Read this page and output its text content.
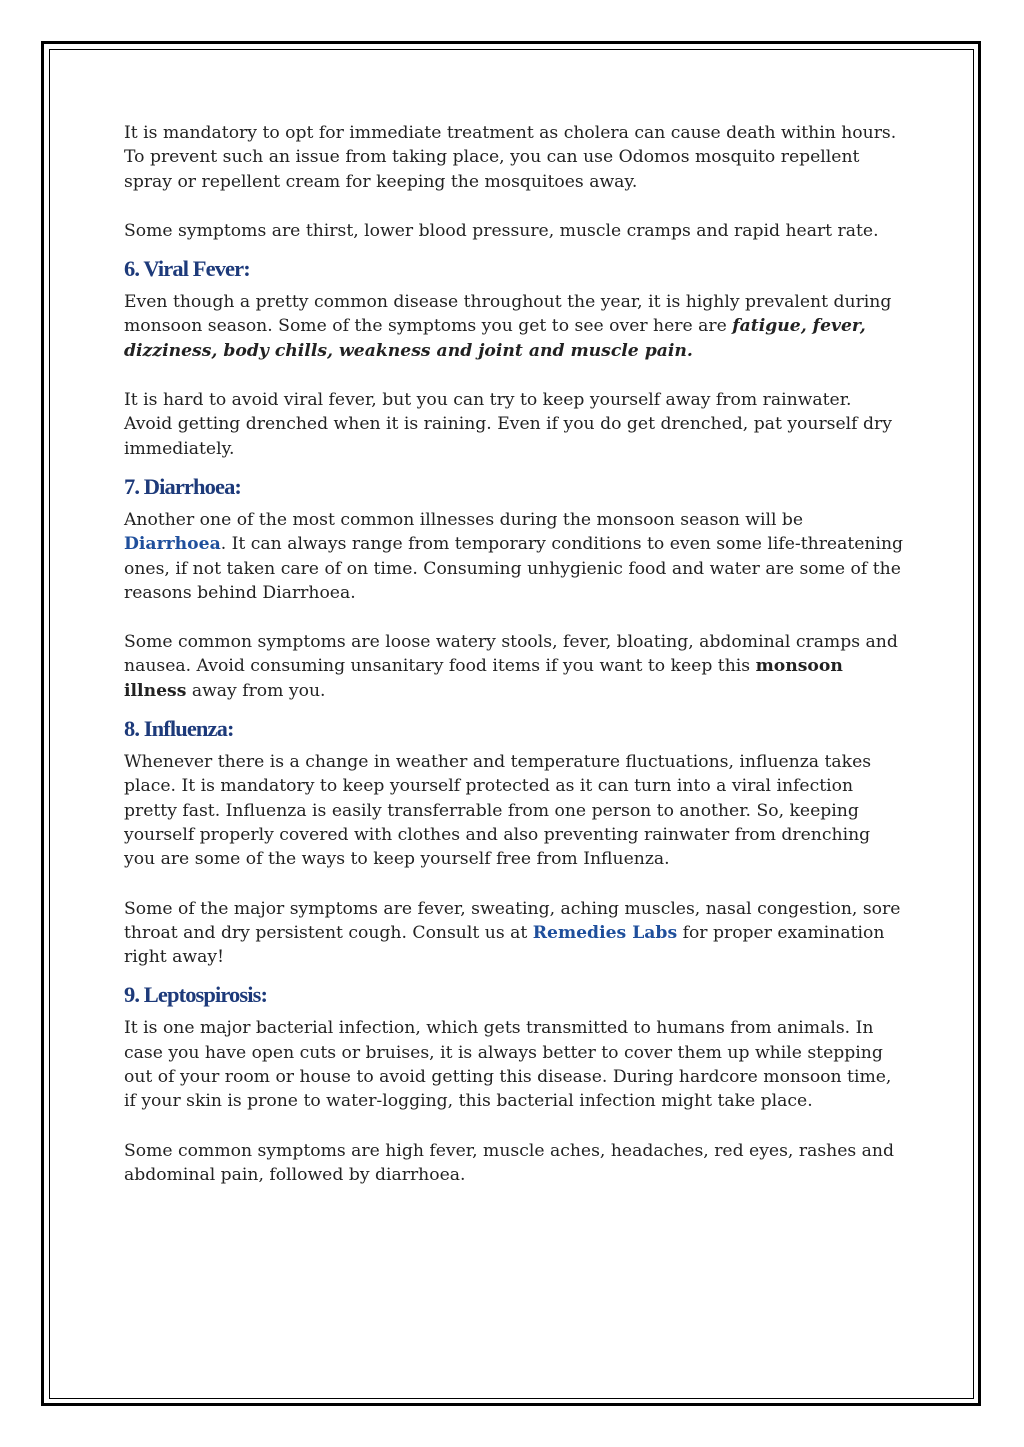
It is mandatory to opt for immediate treatment as cholera can cause death within hours. To prevent such an issue from taking place, you can use Odomos mosquito repellent spray or repellent cream for keeping the mosquitoes away.

Some symptoms are thirst, lower blood pressure, muscle cramps and rapid heart rate.

6. Viral Fever:

Even though a pretty common disease throughout the year, it is highly prevalent during monsoon season. Some of the symptoms you get to see over here are fatigue, fever, dizziness, body chills, weakness and joint and muscle pain.

It is hard to avoid viral fever, but you can try to keep yourself away from rainwater. Avoid getting drenched when it is raining. Even if you do get drenched, pat yourself dry immediately.

7. Diarrhoea:

Another one of the most common illnesses during the monsoon season will be Diarrhoea. It can always range from temporary conditions to even some life-threatening ones, if not taken care of on time. Consuming unhygienic food and water are some of the reasons behind Diarrhoea.

Some common symptoms are loose watery stools, fever, bloating, abdominal cramps and nausea. Avoid consuming unsanitary food items if you want to keep this monsoon illness away from you.

8. Influenza:

Whenever there is a change in weather and temperature fluctuations, influenza takes place. It is mandatory to keep yourself protected as it can turn into a viral infection pretty fast. Influenza is easily transferrable from one person to another. So, keeping yourself properly covered with clothes and also preventing rainwater from drenching you are some of the ways to keep yourself free from Influenza.

Some of the major symptoms are fever, sweating, aching muscles, nasal congestion, sore throat and dry persistent cough. Consult us at Remedies Labs for proper examination right away!

9. Leptospirosis:

It is one major bacterial infection, which gets transmitted to humans from animals. In case you have open cuts or bruises, it is always better to cover them up while stepping out of your room or house to avoid getting this disease. During hardcore monsoon time, if your skin is prone to water-logging, this bacterial infection might take place.

Some common symptoms are high fever, muscle aches, headaches, red eyes, rashes and abdominal pain, followed by diarrhoea.
